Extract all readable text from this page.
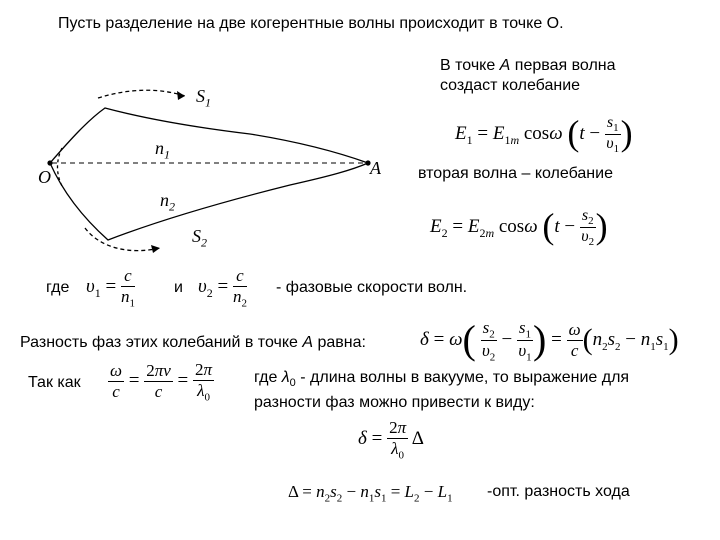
Пусть разделение на две когерентные волны происходит в точке O.
O	A
$S_1$
$n_1$
$n_2$
$S_2$
В точке A первая волна создаст колебание
$E_1 = E_{1m}$ cosω ($t - \frac{s_1}{\upsilon_1}$ )
вторая волна – колебание
$E_2 = E_{2m}$ cosω ($t - \frac{s_2}{\upsilon_2}$ )
где $\upsilon_1 = \frac{c}{n_1}$ и $\upsilon_2 = \frac{c}{n_2}$ - фазовые скорости волн.
Разность фаз этих колебаний в точке A равна:	$\delta = \omega( \frac{s_2}{\upsilon_2} - \frac{s_1}{\upsilon_1}$ ) = $\frac{\omega}{c} (n_2s_2 - n_1s_1)$
Так как $\frac{\omega}{c} = \frac{2\pi\nu}{c} = \frac{2\pi}{\lambda_0}$ где $\lambda_0$ - длина волны в вакууме, то выражение для разности фаз можно привести к виду:
$\delta = \frac{2\pi}{\lambda_0}$ Δ
$\Delta = n_2s_2 - n_1s_1 = L_2 - L_1$ -опт. разность хода
